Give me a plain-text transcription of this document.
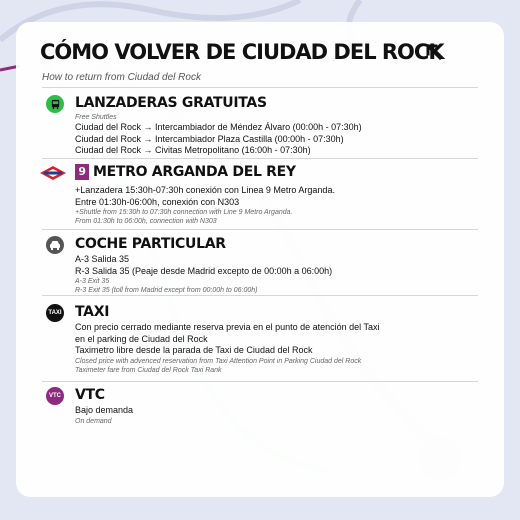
CÓMO VOLVER DE CIUDAD DEL ROCK
How to return from Ciudad del Rock
LANZADERAS GRATUITAS
Free Shuttles
Ciudad del Rock → Intercambiador de Méndez Álvaro (00:00h - 07:30h)
Ciudad del Rock → Intercambiador Plaza Castilla (00:00h - 07:30h)
Ciudad del Rock → Civitas Metropolitano (16:00h - 07:30h)
9 METRO ARGANDA DEL REY
+Lanzadera 15:30h-07:30h conexión con Linea 9 Metro Arganda.
Entre 01:30h-06:00h, conexión con N303
+Shuttle from 15:30h to 07:30h connection with Line 9 Metro Arganda.
From 01:30h to 06:00h, connection with N303
COCHE PARTICULAR
A-3 Salida 35
R-3 Salida 35 (Peaje desde Madrid excepto de 00:00h a 06:00h)
A-3 Exit 35
R-3 Exit 35 (toll from Madrid except from 00:00h to 06:00h)
TAXI TAXI
Con precio cerrado mediante reserva previa en el punto de atención del Taxi
en el parking de Ciudad del Rock
Taximetro libre desde la parada de Taxi de Ciudad del Rock
Closed price with advenced reservation from Taxi Attention Point in Parking Ciudad del Rock
Taximeter fare from Ciudad del Rock Taxi Rank
VTC VTC
Bajo demanda
On demand
